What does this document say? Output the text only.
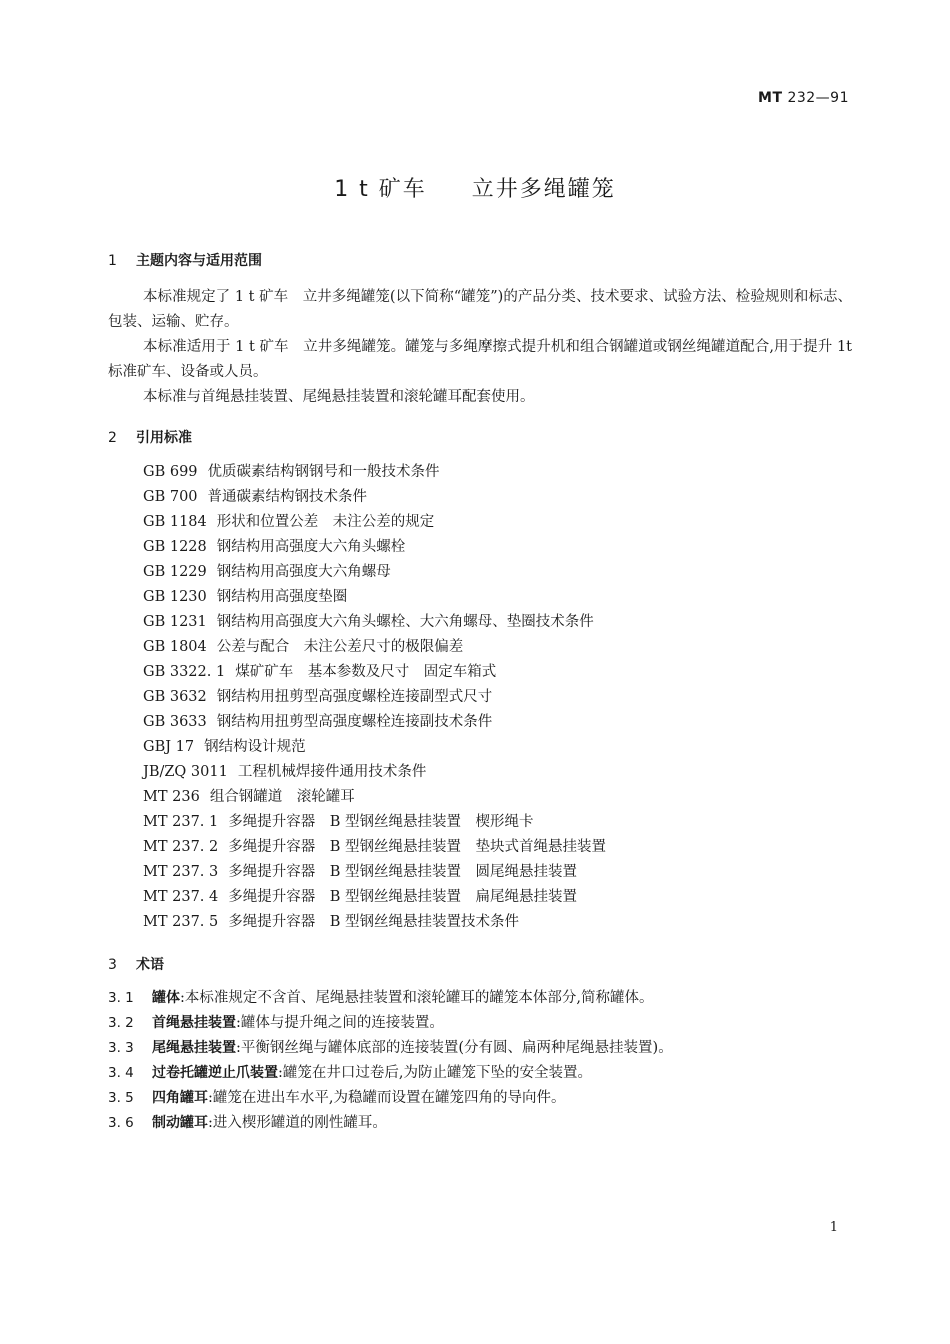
MT 232—91
1 t 矿车 立井多绳罐笼
1 主题内容与适用范围
本标准规定了 1 t 矿车　立井多绳罐笼(以下简称“罐笼”)的产品分类、技术要求、试验方法、检验规则和标志、包装、运输、贮存。
本标准适用于 1 t 矿车　立井多绳罐笼。罐笼与多绳摩擦式提升机和组合钢罐道或钢丝绳罐道配合,用于提升 1t 标准矿车、设备或人员。
本标准与首绳悬挂装置、尾绳悬挂装置和滚轮罐耳配套使用。
2 引用标准
GB 699 优质碳素结构钢钢号和一般技术条件
GB 700 普通碳素结构钢技术条件
GB 1184 形状和位置公差　未注公差的规定
GB 1228 钢结构用高强度大六角头螺栓
GB 1229 钢结构用高强度大六角螺母
GB 1230 钢结构用高强度垫圈
GB 1231 钢结构用高强度大六角头螺栓、大六角螺母、垫圈技术条件
GB 1804 公差与配合　未注公差尺寸的极限偏差
GB 3322. 1 煤矿矿车　基本参数及尺寸　固定车箱式
GB 3632 钢结构用扭剪型高强度螺栓连接副型式尺寸
GB 3633 钢结构用扭剪型高强度螺栓连接副技术条件
GBJ 17 钢结构设计规范
JB/ZQ 3011 工程机械焊接件通用技术条件
MT 236 组合钢罐道　滚轮罐耳
MT 237. 1 多绳提升容器　B 型钢丝绳悬挂装置　楔形绳卡
MT 237. 2 多绳提升容器　B 型钢丝绳悬挂装置　垫块式首绳悬挂装置
MT 237. 3 多绳提升容器　B 型钢丝绳悬挂装置　圆尾绳悬挂装置
MT 237. 4 多绳提升容器　B 型钢丝绳悬挂装置　扁尾绳悬挂装置
MT 237. 5 多绳提升容器　B 型钢丝绳悬挂装置技术条件
3 术语
3. 1 罐体:本标准规定不含首、尾绳悬挂装置和滚轮罐耳的罐笼本体部分,简称罐体。
3. 2 首绳悬挂装置:罐体与提升绳之间的连接装置。
3. 3 尾绳悬挂装置:平衡钢丝绳与罐体底部的连接装置(分有圆、扁两种尾绳悬挂装置)。
3. 4 过卷托罐逆止爪装置:罐笼在井口过卷后,为防止罐笼下坠的安全装置。
3. 5 四角罐耳:罐笼在进出车水平,为稳罐而设置在罐笼四角的导向件。
3. 6 制动罐耳:进入楔形罐道的刚性罐耳。
1
